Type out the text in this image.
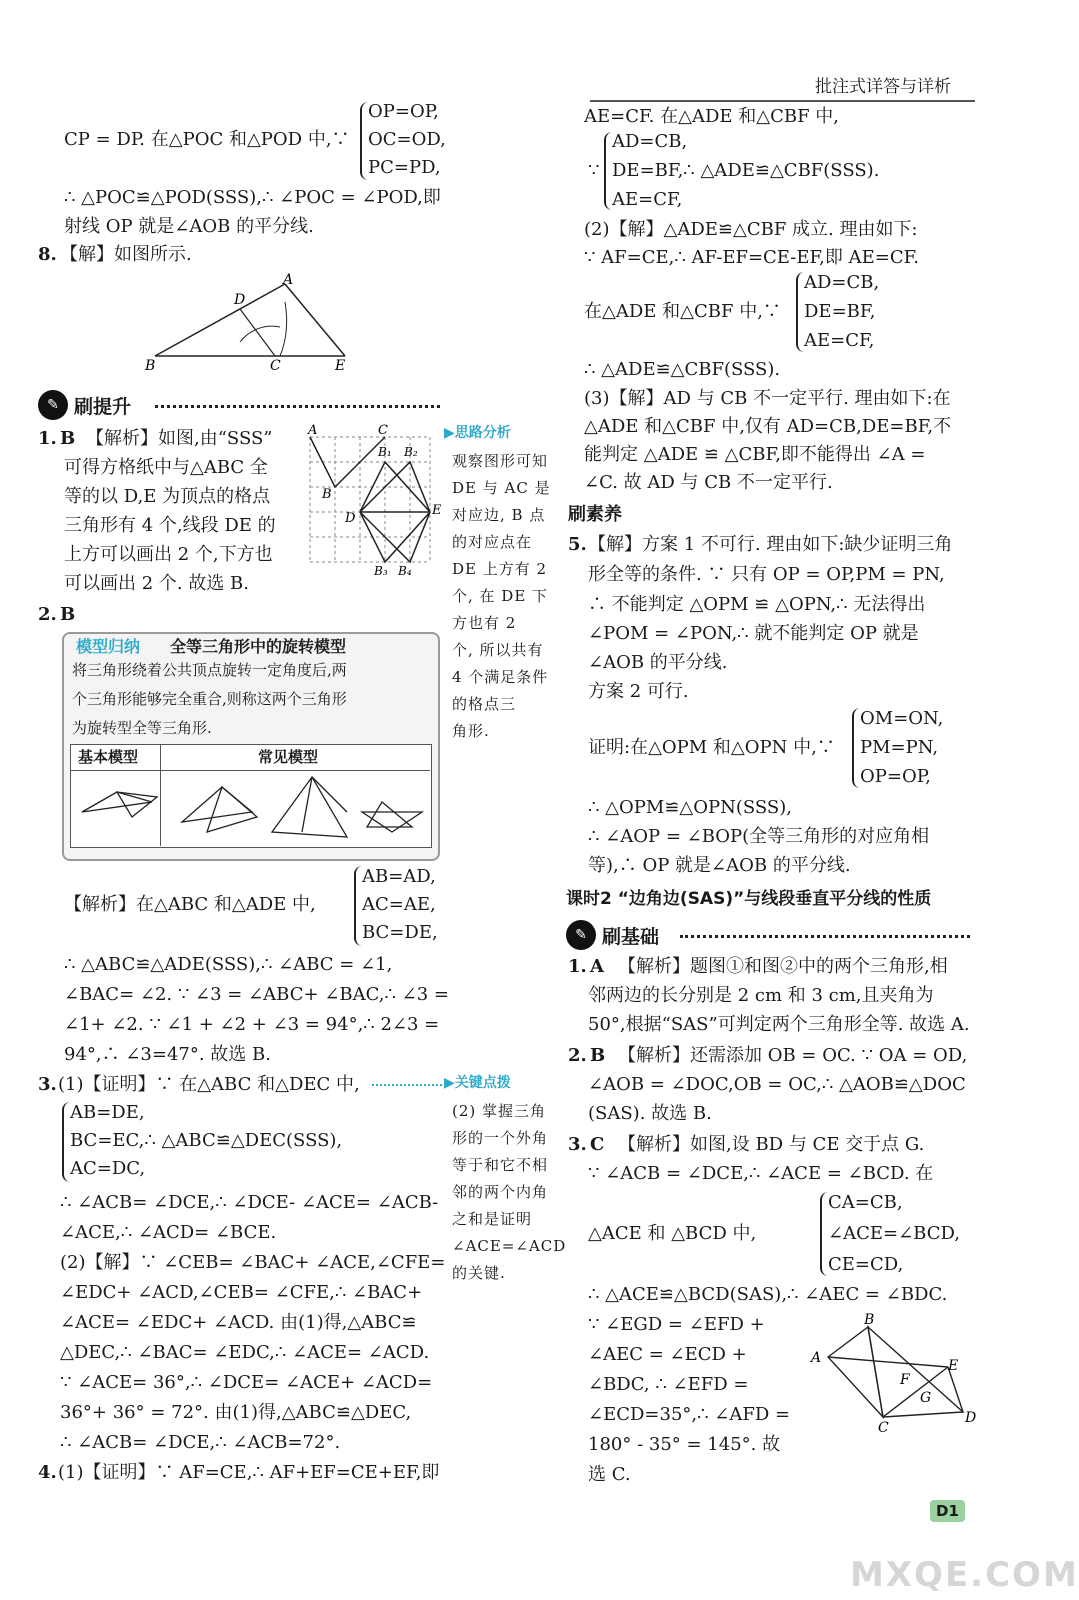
批注式详答与详析
CP = DP. 在△POC 和△POD 中,∵
OP=OP,
OC=OD,
PC=PD,
∴ △POC≌△POD(SSS),∴ ∠POC = ∠POD,即
射线 OP 就是∠AOB 的平分线.
8. 【解】如图所示.
A
D
B	C	E
✎ 刷提升
1. B 【解析】如图,由“SSS”
可得方格纸中与△ABC 全
等的以 D,E 为顶点的格点
三角形有 4 个,线段 DE 的
上方可以画出 2 个,下方也
可以画出 2 个. 故选 B.
A	C
B₁ B₂
B
D
E
B₃ B₄
▶思路分析
观察图形可知
DE 与 AC 是
对应边, B 点
的对应点在
DE 上方有 2
个, 在 DE 下
方也有 2
个, 所以共有
4 个满足条件
的格点三
角形.
2. B
模型归纳 全等三角形中的旋转模型
将三角形绕着公共顶点旋转一定角度后,两
个三角形能够完全重合,则称这两个三角形
为旋转型全等三角形.
基本模型	常见模型
【解析】在△ABC 和△ADE 中,
AB=AD,
AC=AE,
BC=DE,
∴ △ABC≌△ADE(SSS),∴ ∠ABC = ∠1,
∠BAC= ∠2. ∵ ∠3 = ∠ABC+ ∠BAC,∴ ∠3 =
∠1+ ∠2. ∵ ∠1 + ∠2 + ∠3 = 94°,∴ 2∠3 =
94°,∴ ∠3=47°. 故选 B.
3. (1)【证明】∵ 在△ABC 和△DEC 中,
AB=DE,
BC=EC,∴ △ABC≌△DEC(SSS),
AC=DC,
∴ ∠ACB= ∠DCE,∴ ∠DCE- ∠ACE= ∠ACB-
∠ACE,∴ ∠ACD= ∠BCE.
(2)【解】∵ ∠CEB= ∠BAC+ ∠ACE,∠CFE=
∠EDC+ ∠ACD,∠CEB= ∠CFE,∴ ∠BAC+
∠ACE= ∠EDC+ ∠ACD. 由(1)得,△ABC≌
△DEC,∴ ∠BAC= ∠EDC,∴ ∠ACE= ∠ACD.
∵ ∠ACE= 36°,∴ ∠DCE= ∠ACE+ ∠ACD=
36°+ 36° = 72°. 由(1)得,△ABC≌△DEC,
∴ ∠ACB= ∠DCE,∴ ∠ACB=72°.
▶关键点拨
(2) 掌握三角
形的一个外角
等于和它不相
邻的两个内角
之和是证明
∠ACE=∠ACD
的关键.
4. (1)【证明】∵ AF=CE,∴ AF+EF=CE+EF,即
AE=CF. 在△ADE 和△CBF 中,
∵
AD=CB,
DE=BF,∴ △ADE≌△CBF(SSS).
AE=CF,
(2)【解】△ADE≌△CBF 成立. 理由如下:
∵ AF=CE,∴ AF-EF=CE-EF,即 AE=CF.
在△ADE 和△CBF 中,∵
AD=CB,
DE=BF,
AE=CF,
∴ △ADE≌△CBF(SSS).
(3)【解】AD 与 CB 不一定平行. 理由如下:在
△ADE 和△CBF 中,仅有 AD=CB,DE=BF,不
能判定 △ADE ≌ △CBF,即不能得出 ∠A =
∠C. 故 AD 与 CB 不一定平行.
刷素养
5. 【解】方案 1 不可行. 理由如下:缺少证明三角
形全等的条件. ∵ 只有 OP = OP,PM = PN,
∴ 不能判定 △OPM ≌ △OPN,∴ 无法得出
∠POM = ∠PON,∴ 就不能判定 OP 就是
∠AOB 的平分线.
方案 2 可行.
证明:在△OPM 和△OPN 中,∵
OM=ON,
PM=PN,
OP=OP,
∴ △OPM≌△OPN(SSS),
∴ ∠AOP = ∠BOP(全等三角形的对应角相
等),∴ OP 就是∠AOB 的平分线.
课时2 “边角边(SAS)”与线段垂直平分线的性质
✎ 刷基础
1. A 【解析】题图①和图②中的两个三角形,相
邻两边的长分别是 2 cm 和 3 cm,且夹角为
50°,根据“SAS”可判定两个三角形全等. 故选 A.
2. B 【解析】还需添加 OB = OC. ∵ OA = OD,
∠AOB = ∠DOC,OB = OC,∴ △AOB≌△DOC
(SAS). 故选 B.
3. C 【解析】如图,设 BD 与 CE 交于点 G.
∵ ∠ACB = ∠DCE,∴ ∠ACE = ∠BCD. 在
△ACE 和 △BCD 中,
CA=CB,
∠ACE=∠BCD,
CE=CD,
∴ △ACE≌△BCD(SAS),∴ ∠AEC = ∠BDC.
∵ ∠EGD = ∠EFD +
∠AEC = ∠ECD +
∠BDC, ∴ ∠EFD =
∠ECD=35°,∴ ∠AFD =
180° - 35° = 145°. 故
选 C.
B
A	E
F
G
C
D
D1
MXQE.COM
